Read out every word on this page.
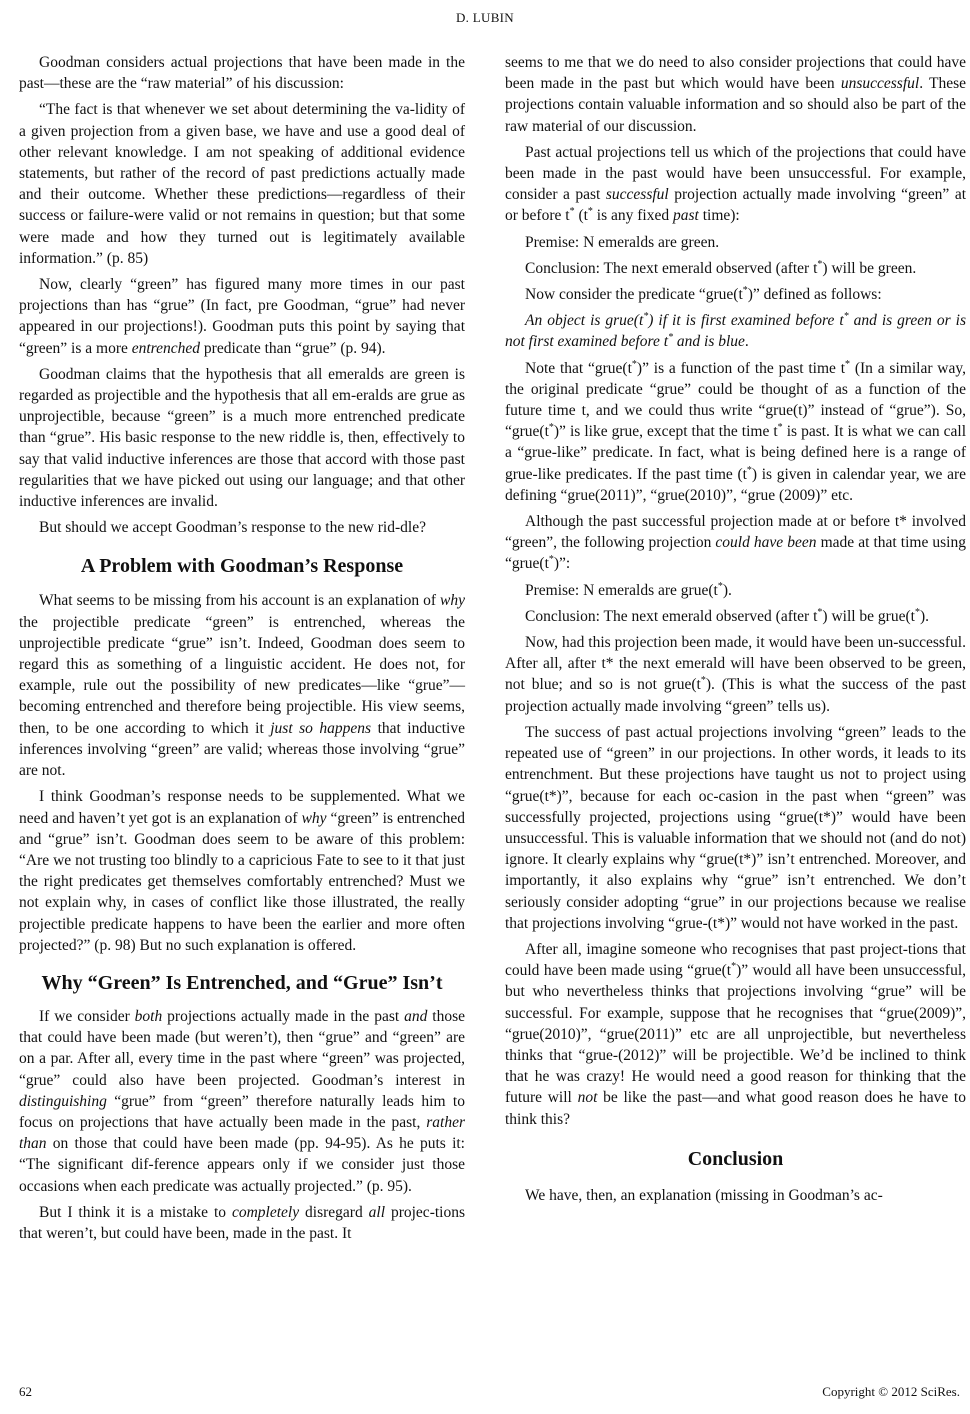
D. LUBIN

Goodman considers actual projections that have been made in the past—these are the “raw material” of his discussion:

“The fact is that whenever we set about determining the va-lidity of a given projection from a given base, we have and use a good deal of other relevant knowledge. I am not speaking of additional evidence statements, but rather of the record of past predictions actually made and their outcome. Whether these predictions—regardless of their success or failure-were valid or not remains in question; but that some were made and how they turned out is legitimately available information.” (p. 85)

Now, clearly “green” has figured many more times in our past projections than has “grue” (In fact, pre Goodman, “grue” had never appeared in our projections!). Goodman puts this point by saying that “green” is a more entrenched predicate than “grue” (p. 94).

Goodman claims that the hypothesis that all emeralds are green is regarded as projectible and the hypothesis that all em-eralds are grue as unprojectible, because “green” is a much more entrenched predicate than “grue”. His basic response to the new riddle is, then, effectively to say that valid inductive inferences are those that accord with those past regularities that we have picked out using our language; and that other inductive inferences are invalid.

But should we accept Goodman’s response to the new rid-dle?

A Problem with Goodman’s Response

What seems to be missing from his account is an explanation of why the projectible predicate “green” is entrenched, whereas the unprojectible predicate “grue” isn’t. Indeed, Goodman does seem to regard this as something of a linguistic accident. He does not, for example, rule out the possibility of new predicates—like “grue”—becoming entrenched and therefore being projectible. His view seems, then, to be one according to which it just so happens that inductive inferences involving “green” are valid; whereas those involving “grue” are not.

I think Goodman’s response needs to be supplemented. What we need and haven’t yet got is an explanation of why “green” is entrenched and “grue” isn’t. Goodman does seem to be aware of this problem: “Are we not trusting too blindly to a capricious Fate to see to it that just the right predicates get themselves comfortably entrenched? Must we not explain why, in cases of conflict like those illustrated, the really projectible predicate happens to have been the earlier and more often projected?” (p. 98) But no such explanation is offered.

Why “Green” Is Entrenched, and “Grue” Isn’t

If we consider both projections actually made in the past and those that could have been made (but weren’t), then “grue” and “green” are on a par. After all, every time in the past where “green” was projected, “grue” could also have been projected. Goodman’s interest in distinguishing “grue” from “green” therefore naturally leads him to focus on projections that have actually been made in the past, rather than on those that could have been made (pp. 94-95). As he puts it: “The significant dif-ference appears only if we consider just those occasions when each predicate was actually projected.” (p. 95).

But I think it is a mistake to completely disregard all projec-tions that weren’t, but could have been, made in the past. It

seems to me that we do need to also consider projections that could have been made in the past but which would have been unsuccessful. These projections contain valuable information and so should also be part of the raw material of our discussion.

Past actual projections tell us which of the projections that could have been made in the past would have been unsuccessful. For example, consider a past successful projection actually made involving “green” at or before t* (t* is any fixed past time):

Premise: N emeralds are green.

Conclusion: The next emerald observed (after t*) will be green.

Now consider the predicate “grue(t*)” defined as follows:

An object is grue(t*) if it is first examined before t* and is green or is not first examined before t* and is blue.

Note that “grue(t*)” is a function of the past time t* (In a similar way, the original predicate “grue” could be thought of as a function of the future time t, and we could thus write “grue(t)” instead of “grue”). So, “grue(t*)” is like grue, except that the time t* is past. It is what we can call a “grue-like” predicate. In fact, what is being defined here is a range of grue-like predicates. If the past time (t*) is given in calendar year, we are defining “grue(2011)”, “grue(2010)”, “grue (2009)” etc.

Although the past successful projection made at or before t* involved “green”, the following projection could have been made at that time using “grue(t*)”:

Premise: N emeralds are grue(t*).

Conclusion: The next emerald observed (after t*) will be grue(t*).

Now, had this projection been made, it would have been un-successful. After all, after t* the next emerald will have been observed to be green, not blue; and so is not grue(t*). (This is what the success of the past projection actually made involving “green” tells us).

The success of past actual projections involving “green” leads to the repeated use of “green” in our projections. In other words, it leads to its entrenchment. But these projections have taught us not to project using “grue(t*)”, because for each oc-casion in the past when “green” was successfully projected, projections using “grue(t*)” would have been unsuccessful. This is valuable information that we should not (and do not) ignore. It clearly explains why “grue(t*)” isn’t entrenched. Moreover, and importantly, it also explains why “grue” isn’t entrenched. We don’t seriously consider adopting “grue” in our projections because we realise that projections involving “grue-(t*)” would not have worked in the past.

After all, imagine someone who recognises that past project-tions that could have been made using “grue(t*)” would all have been unsuccessful, but who nevertheless thinks that projections involving “grue” will be successful. For example, suppose that he recognises that “grue(2009)”, “grue(2010)”, “grue(2011)” etc are all unprojectible, but nevertheless thinks that “grue-(2012)” will be projectible. We’d be inclined to think that he was crazy! He would need a good reason for thinking that the future will not be like the past—and what good reason does he have to think this?

Conclusion

We have, then, an explanation (missing in Goodman’s ac-

62	Copyright © 2012 SciRes.
